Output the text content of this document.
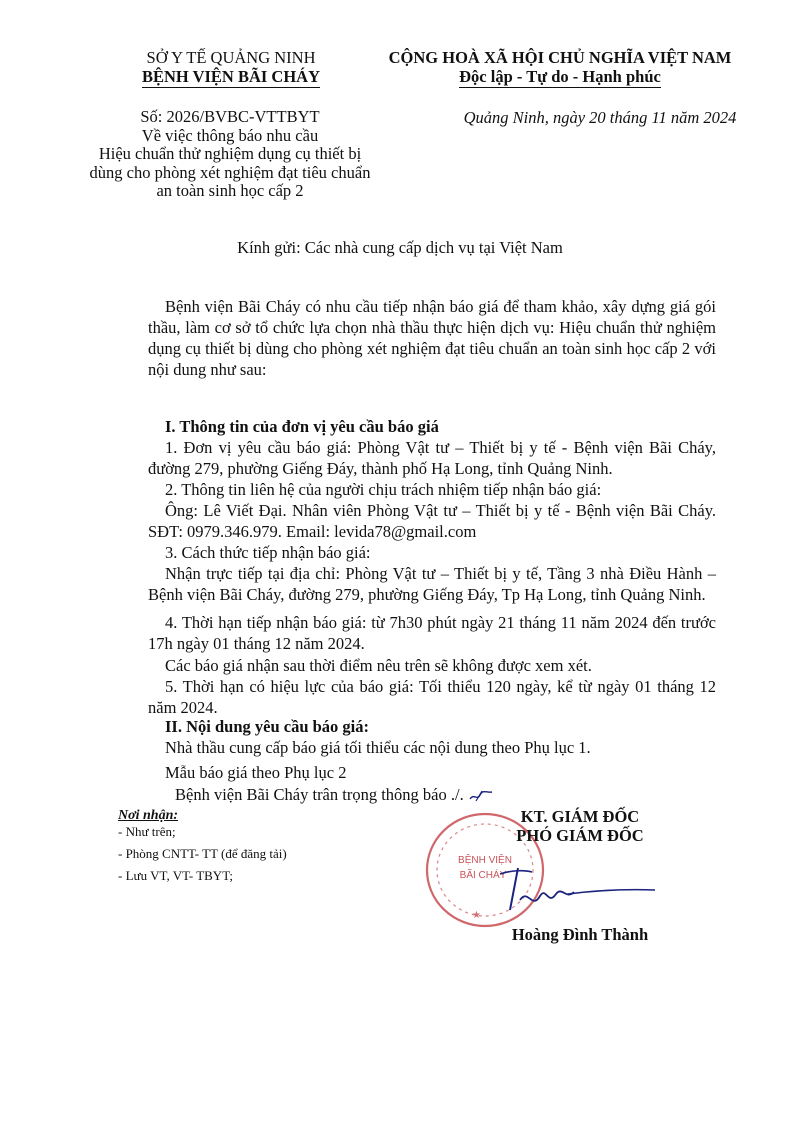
SỞ Y TẾ QUẢNG NINH
BỆNH VIỆN BÃI CHÁY
CỘNG HOÀ XÃ HỘI CHỦ NGHĨA VIỆT NAM
Độc lập - Tự do - Hạnh phúc
Số: 2026/BVBC-VTTBYT
Về việc thông báo nhu cầu
Hiệu chuẩn thử nghiệm dụng cụ thiết bị
dùng cho phòng xét nghiệm đạt tiêu chuẩn
an toàn sinh học cấp 2
Quảng Ninh, ngày 20 tháng 11 năm 2024
Kính gửi: Các nhà cung cấp dịch vụ tại Việt Nam
Bệnh viện Bãi Cháy có nhu cầu tiếp nhận báo giá để tham khảo, xây dựng giá gói thầu, làm cơ sở tổ chức lựa chọn nhà thầu thực hiện dịch vụ: Hiệu chuẩn thử nghiệm dụng cụ thiết bị dùng cho phòng xét nghiệm đạt tiêu chuẩn an toàn sinh học cấp 2 với nội dung như sau:
I. Thông tin của đơn vị yêu cầu báo giá
1. Đơn vị yêu cầu báo giá: Phòng Vật tư – Thiết bị y tế - Bệnh viện Bãi Cháy, đường 279, phường Giếng Đáy, thành phố Hạ Long, tỉnh Quảng Ninh.
2. Thông tin liên hệ của người chịu trách nhiệm tiếp nhận báo giá:
Ông: Lê Viết Đại. Nhân viên Phòng Vật tư – Thiết bị y tế - Bệnh viện Bãi Cháy. SĐT: 0979.346.979. Email: levida78@gmail.com
3. Cách thức tiếp nhận báo giá:
Nhận trực tiếp tại địa chỉ: Phòng Vật tư – Thiết bị y tế, Tầng 3 nhà Điều Hành – Bệnh viện Bãi Cháy, đường 279, phường Giếng Đáy, Tp Hạ Long, tỉnh Quảng Ninh.
4. Thời hạn tiếp nhận báo giá: từ 7h30 phút ngày 21 tháng 11 năm 2024 đến trước 17h ngày 01 tháng 12 năm 2024.
Các báo giá nhận sau thời điểm nêu trên sẽ không được xem xét.
5. Thời hạn có hiệu lực của báo giá: Tối thiểu 120 ngày, kể từ ngày 01 tháng 12 năm 2024.
II. Nội dung yêu cầu báo giá:
Nhà thầu cung cấp báo giá tối thiểu các nội dung theo Phụ lục 1.
Mẫu báo giá theo Phụ lục 2
Bệnh viện Bãi Cháy trân trọng thông báo ./.
Nơi nhận:
- Như trên;
- Phòng CNTT- TT (để đăng tải)
- Lưu VT, VT- TBYT;
BỆNH VIỆN
BÃI CHÁY
★
KT. GIÁM ĐỐC
PHÓ GIÁM ĐỐC
Hoàng Đình Thành
